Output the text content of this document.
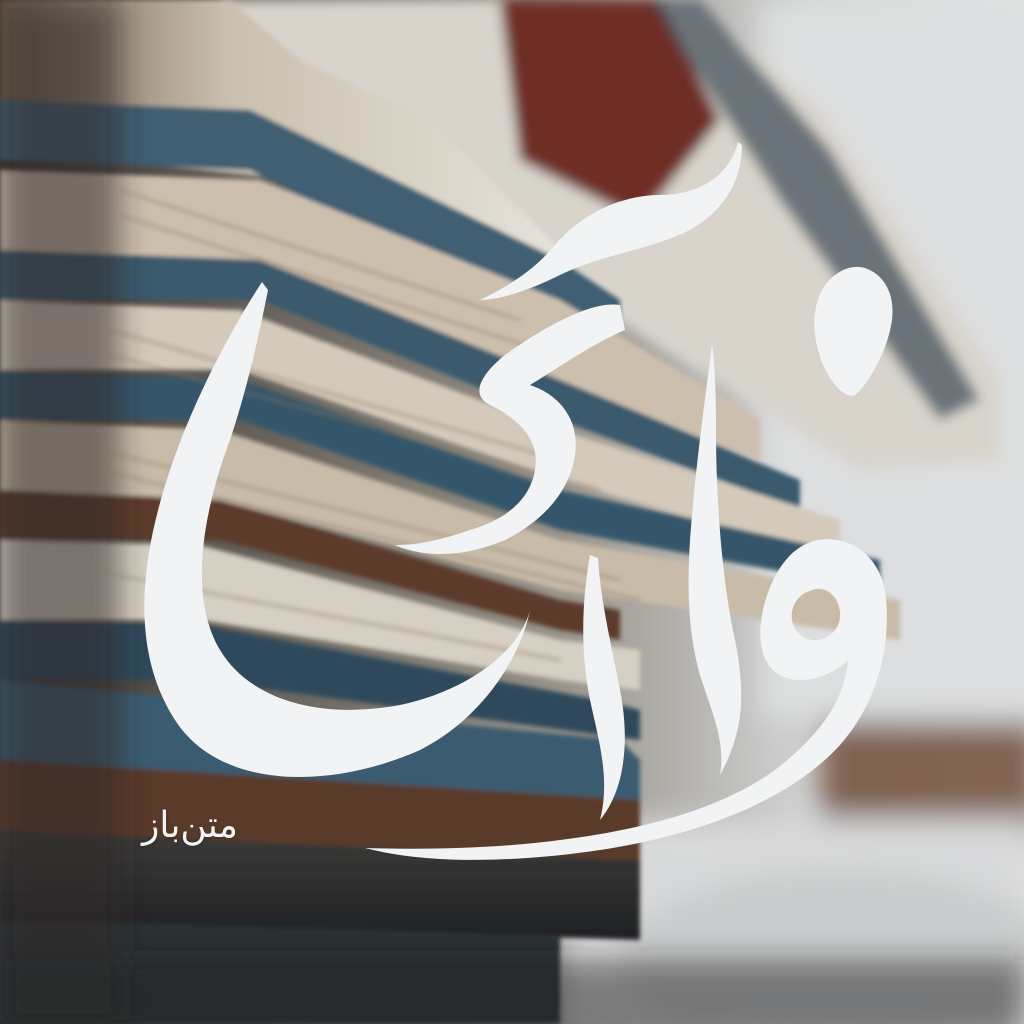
متن‌باز
